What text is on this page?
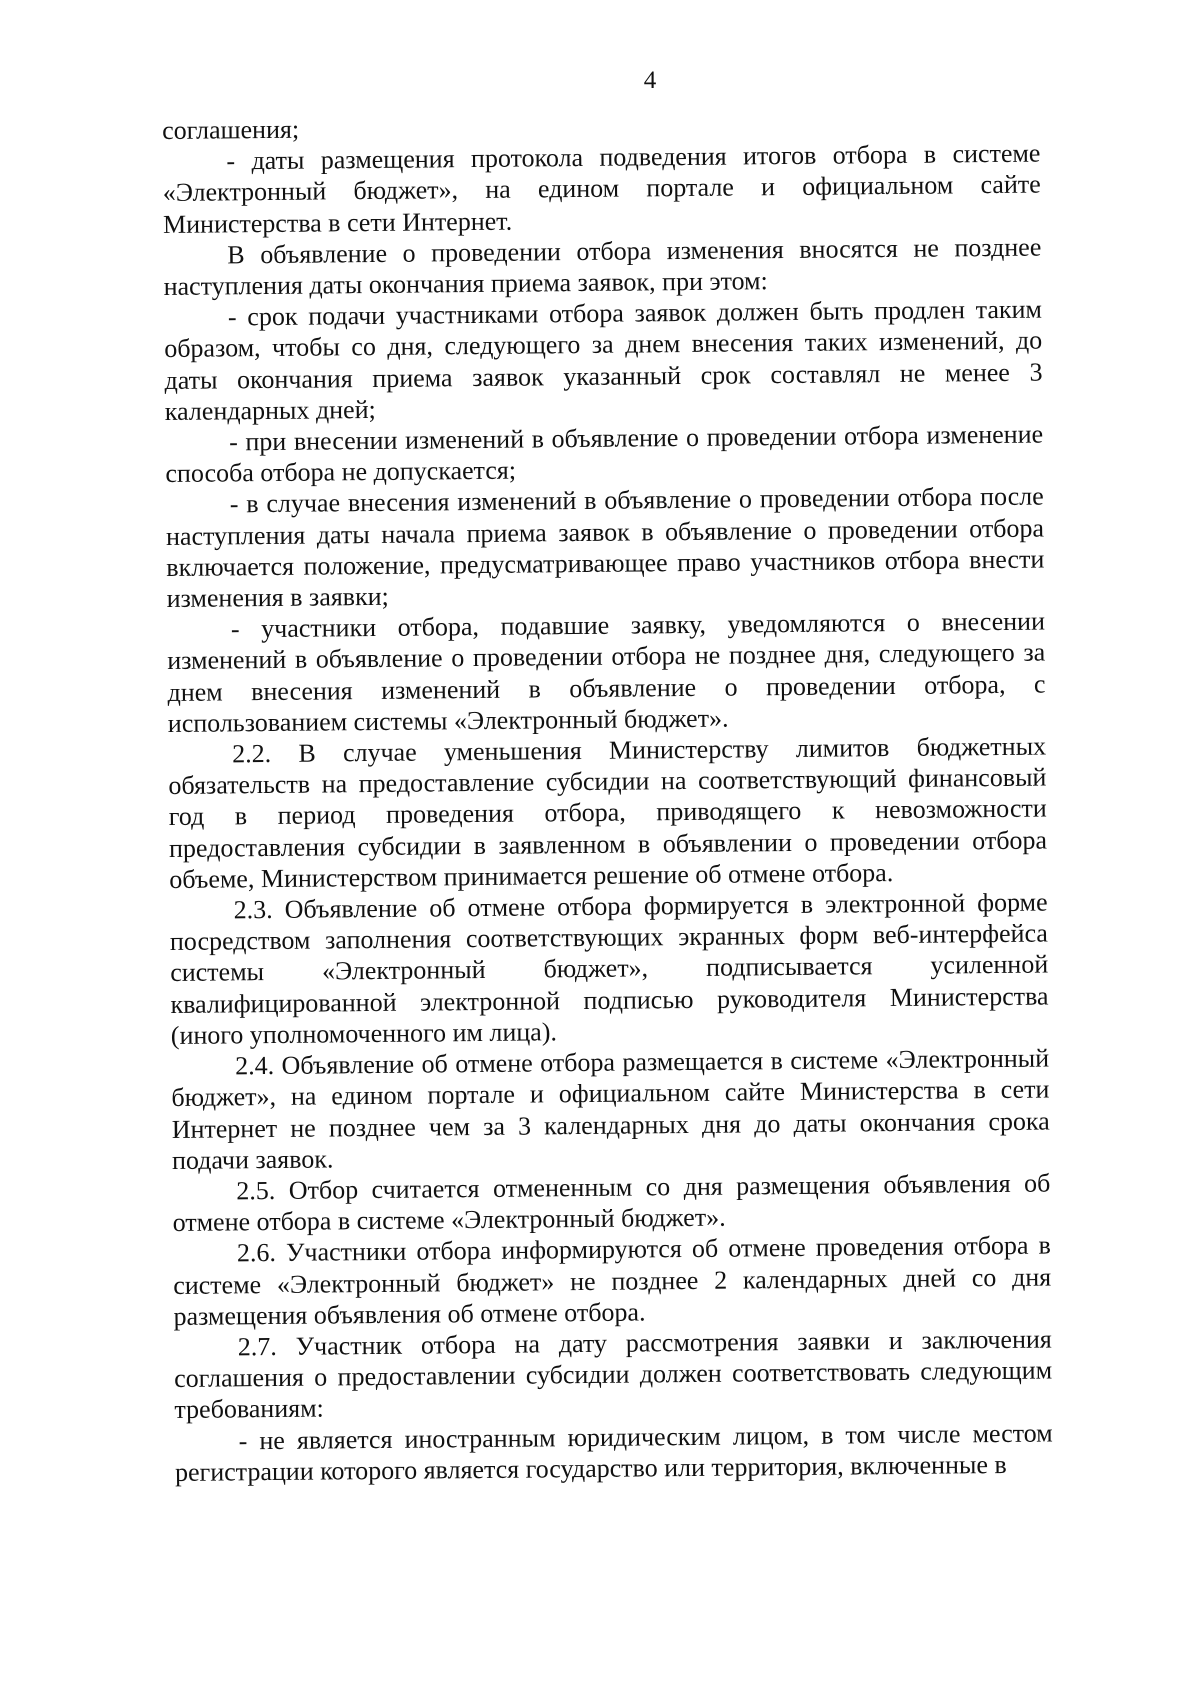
4

соглашения;

- даты размещения протокола подведения итогов отбора в системе «Электронный бюджет», на едином портале и официальном сайте Министерства в сети Интернет.

В объявление о проведении отбора изменения вносятся не позднее наступления даты окончания приема заявок, при этом:

- срок подачи участниками отбора заявок должен быть продлен таким образом, чтобы со дня, следующего за днем внесения таких изменений, до даты окончания приема заявок указанный срок составлял не менее 3 календарных дней;

- при внесении изменений в объявление о проведении отбора изменение способа отбора не допускается;

- в случае внесения изменений в объявление о проведении отбора после наступления даты начала приема заявок в объявление о проведении отбора включается положение, предусматривающее право участников отбора внести изменения в заявки;

- участники отбора, подавшие заявку, уведомляются о внесении изменений в объявление о проведении отбора не позднее дня, следующего за днем внесения изменений в объявление о проведении отбора, с использованием системы «Электронный бюджет».

2.2. В случае уменьшения Министерству лимитов бюджетных обязательств на предоставление субсидии на соответствующий финансовый год в период проведения отбора, приводящего к невозможности предоставления субсидии в заявленном в объявлении о проведении отбора объеме, Министерством принимается решение об отмене отбора.

2.3. Объявление об отмене отбора формируется в электронной форме посредством заполнения соответствующих экранных форм веб-интерфейса системы «Электронный бюджет», подписывается усиленной квалифицированной электронной подписью руководителя Министерства (иного уполномоченного им лица).

2.4. Объявление об отмене отбора размещается в системе «Электронный бюджет», на едином портале и официальном сайте Министерства в сети Интернет не позднее чем за 3 календарных дня до даты окончания срока подачи заявок.

2.5. Отбор считается отмененным со дня размещения объявления об отмене отбора в системе «Электронный бюджет».

2.6. Участники отбора информируются об отмене проведения отбора в системе «Электронный бюджет» не позднее 2 календарных дней со дня размещения объявления об отмене отбора.

2.7. Участник отбора на дату рассмотрения заявки и заключения соглашения о предоставлении субсидии должен соответствовать следующим требованиям:

- не является иностранным юридическим лицом, в том числе местом регистрации которого является государство или территория, включенные в
